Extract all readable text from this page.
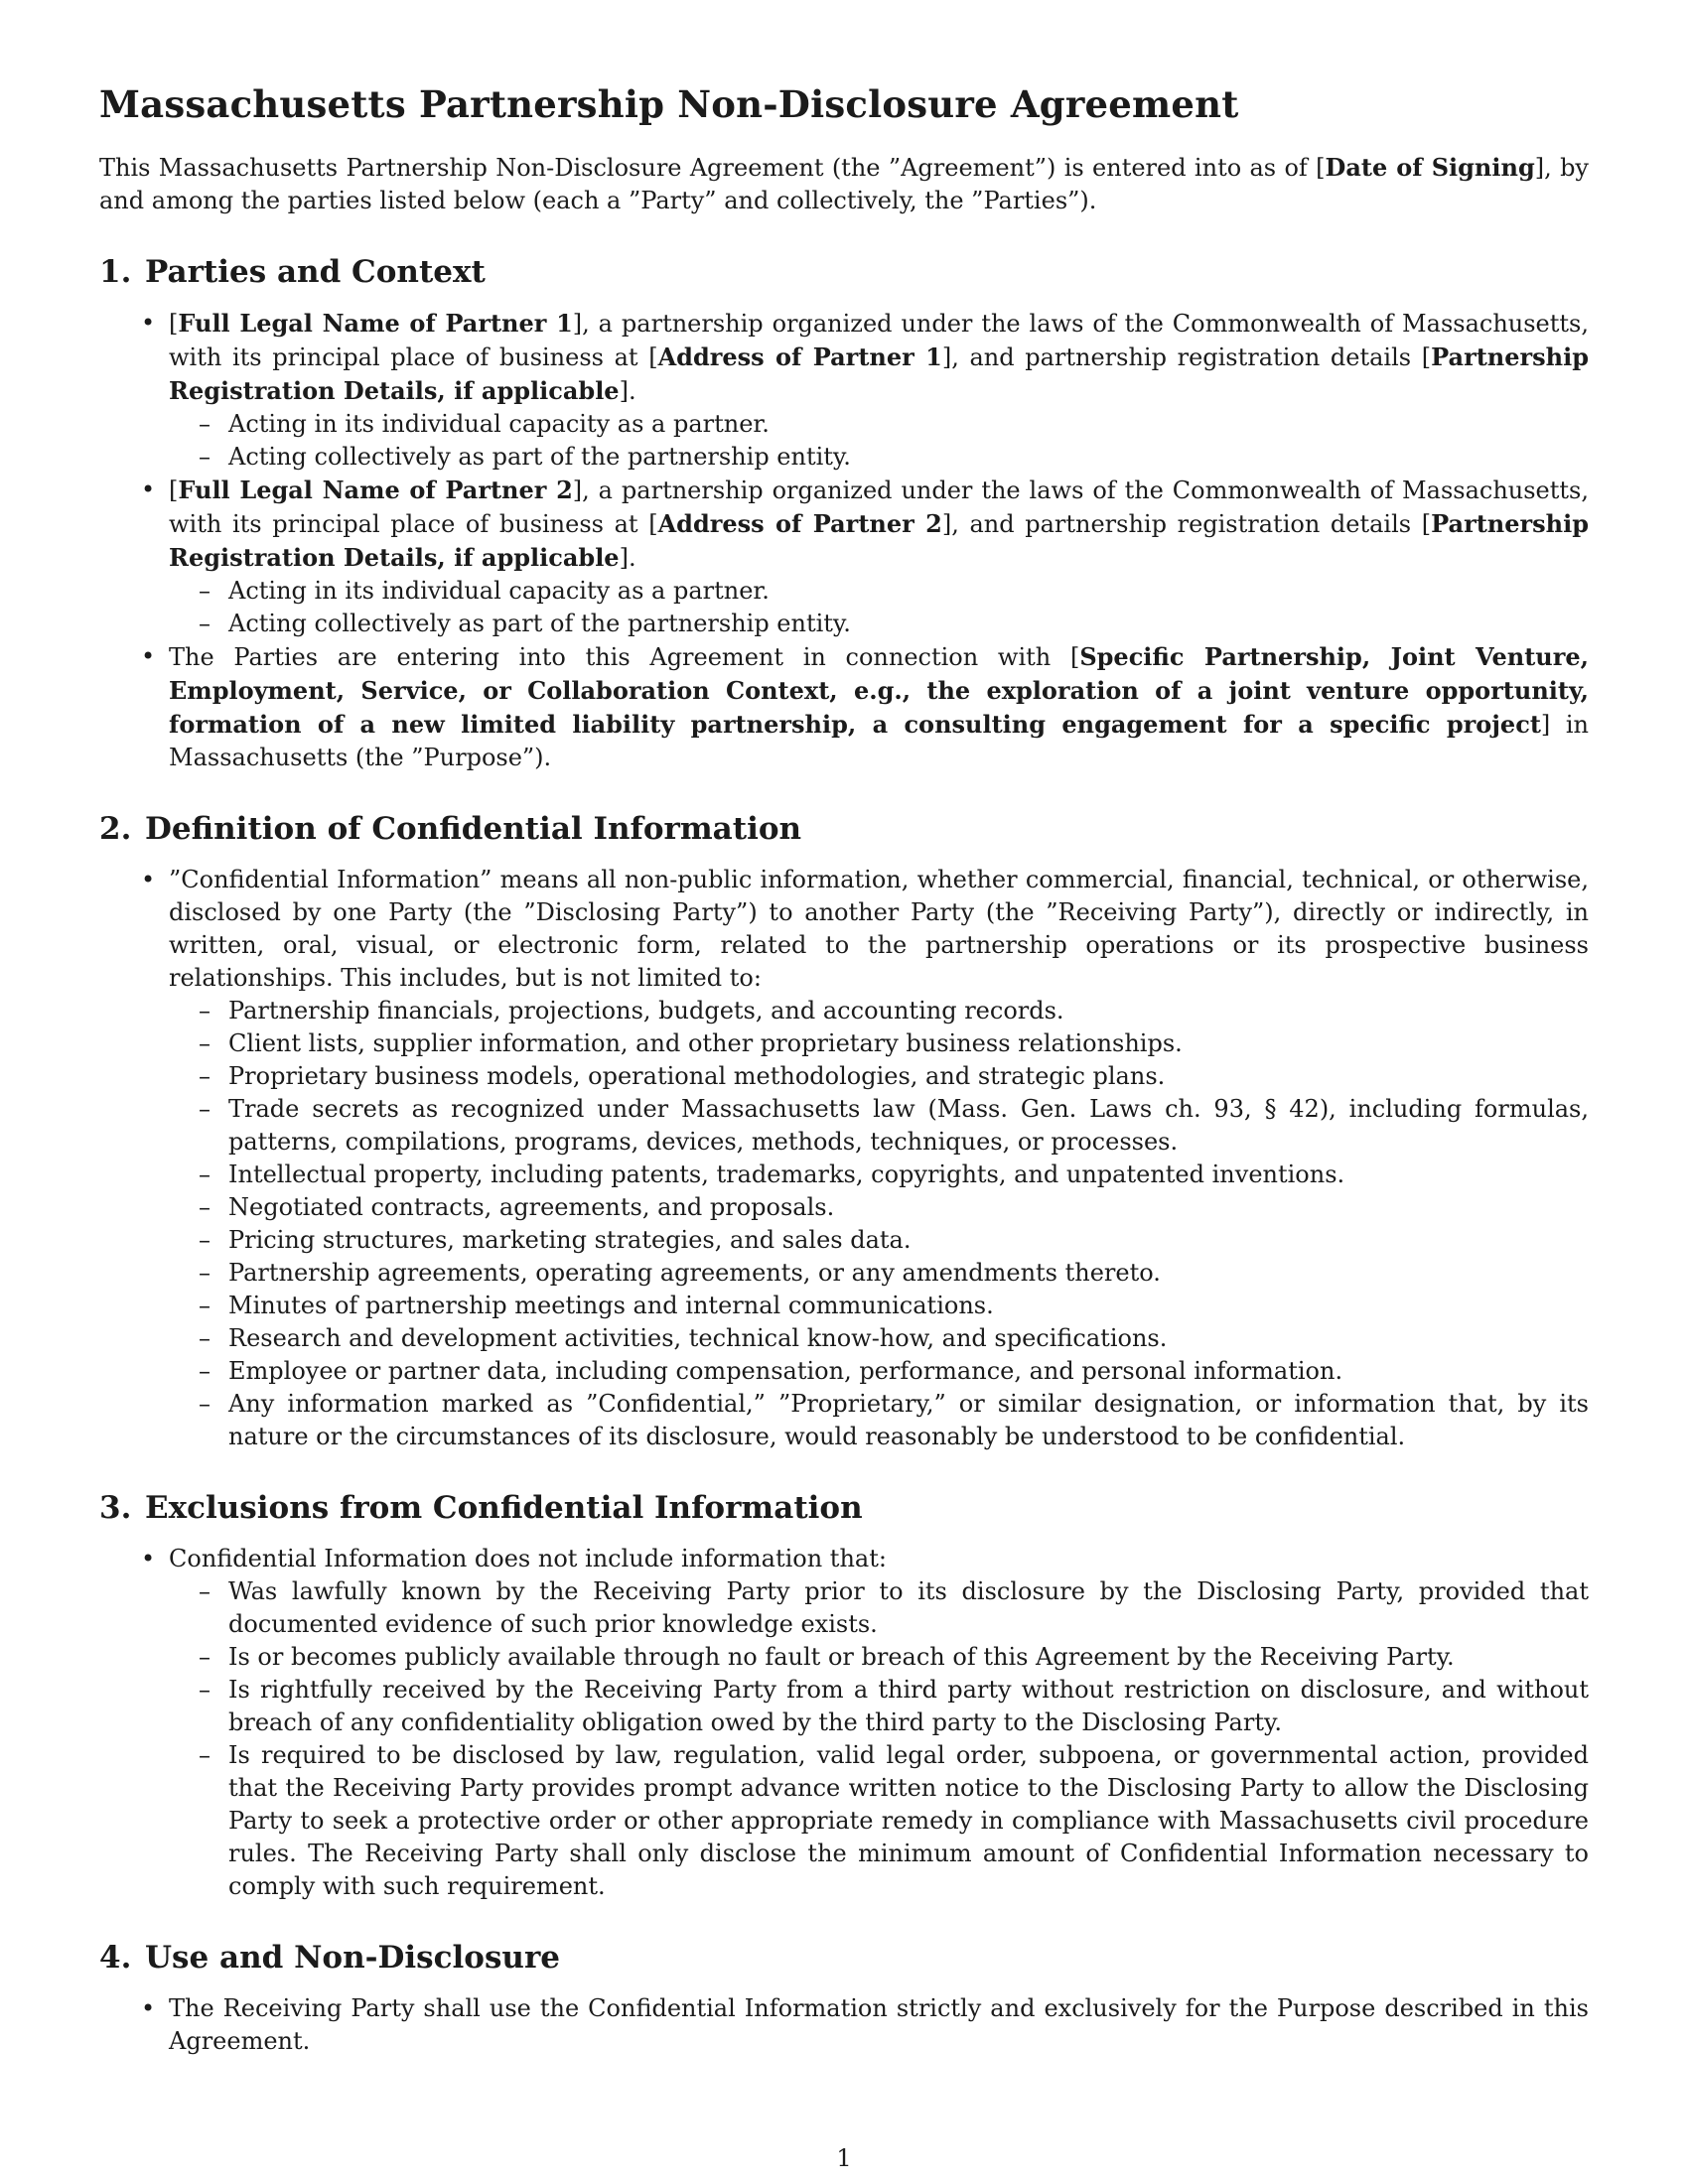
Massachusetts Partnership Non-Disclosure Agreement

This Massachusetts Partnership Non-Disclosure Agreement (the ”Agreement”) is entered into as of [Date of Signing], by and among the parties listed below (each a ”Party” and collectively, the ”Parties”).

1. Parties and Context
• [Full Legal Name of Partner 1], a partnership organized under the laws of the Commonwealth of Massachusetts, with its principal place of business at [Address of Partner 1], and partnership registration details [Partnership Registration Details, if applicable].
– Acting in its individual capacity as a partner.
– Acting collectively as part of the partnership entity.
• [Full Legal Name of Partner 2], a partnership organized under the laws of the Commonwealth of Massachusetts, with its principal place of business at [Address of Partner 2], and partnership registration details [Partnership Registration Details, if applicable].
– Acting in its individual capacity as a partner.
– Acting collectively as part of the partnership entity.
• The Parties are entering into this Agreement in connection with [Specific Partnership, Joint Venture, Employment, Service, or Collaboration Context, e.g., the exploration of a joint venture opportunity, formation of a new limited liability partnership, a consulting engagement for a specific project] in Massachusetts (the ”Purpose”).
2. Definition of Confidential Information
• ”Confidential Information” means all non-public information, whether commercial, financial, technical, or otherwise, disclosed by one Party (the ”Disclosing Party”) to another Party (the ”Receiving Party”), directly or indirectly, in written, oral, visual, or electronic form, related to the partnership operations or its prospective business relationships. This includes, but is not limited to:
– Partnership financials, projections, budgets, and accounting records.
– Client lists, supplier information, and other proprietary business relationships.
– Proprietary business models, operational methodologies, and strategic plans.
– Trade secrets as recognized under Massachusetts law (Mass. Gen. Laws ch. 93, § 42), including formulas, patterns, compilations, programs, devices, methods, techniques, or processes.
– Intellectual property, including patents, trademarks, copyrights, and unpatented inventions.
– Negotiated contracts, agreements, and proposals.
– Pricing structures, marketing strategies, and sales data.
– Partnership agreements, operating agreements, or any amendments thereto.
– Minutes of partnership meetings and internal communications.
– Research and development activities, technical know-how, and specifications.
– Employee or partner data, including compensation, performance, and personal information.
– Any information marked as ”Confidential,” ”Proprietary,” or similar designation, or information that, by its nature or the circumstances of its disclosure, would reasonably be understood to be confidential.
3. Exclusions from Confidential Information
• Confidential Information does not include information that:
– Was lawfully known by the Receiving Party prior to its disclosure by the Disclosing Party, provided that documented evidence of such prior knowledge exists.
– Is or becomes publicly available through no fault or breach of this Agreement by the Receiving Party.
– Is rightfully received by the Receiving Party from a third party without restriction on disclosure, and without breach of any confidentiality obligation owed by the third party to the Disclosing Party.
– Is required to be disclosed by law, regulation, valid legal order, subpoena, or governmental action, provided that the Receiving Party provides prompt advance written notice to the Disclosing Party to allow the Disclosing Party to seek a protective order or other appropriate remedy in compliance with Massachusetts civil procedure rules. The Receiving Party shall only disclose the minimum amount of Confidential Information necessary to comply with such requirement.
4. Use and Non-Disclosure
• The Receiving Party shall use the Confidential Information strictly and exclusively for the Purpose described in this Agreement.
1
